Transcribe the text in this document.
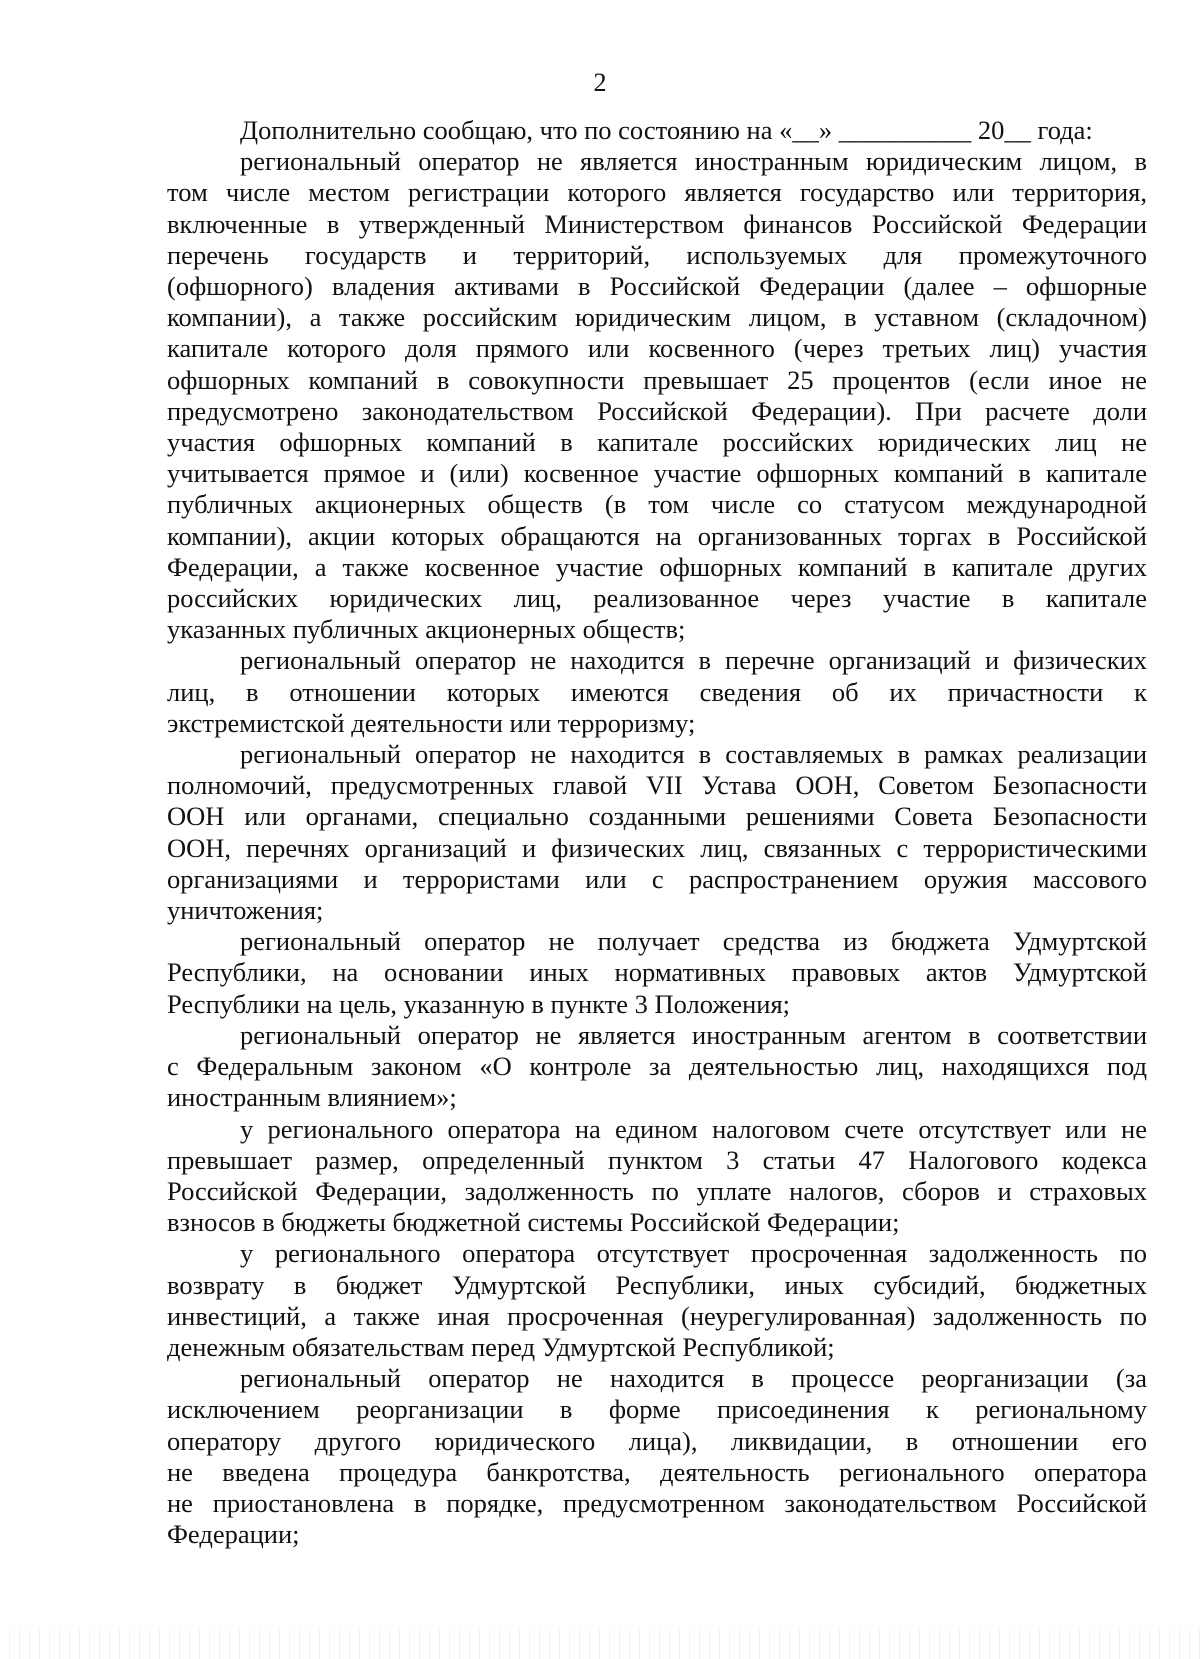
2
Дополнительно сообщаю, что по состоянию на «__» __________ 20__ года:
региональный оператор не является иностранным юридическим лицом, в
том числе местом регистрации которого является государство или территория,
включенные в утвержденный Министерством финансов Российской Федерации
перечень государств и территорий, используемых для промежуточного
(офшорного) владения активами в Российской Федерации (далее – офшорные
компании), а также российским юридическим лицом, в уставном (складочном)
капитале которого доля прямого или косвенного (через третьих лиц) участия
офшорных компаний в совокупности превышает 25 процентов (если иное не
предусмотрено законодательством Российской Федерации). При расчете доли
участия офшорных компаний в капитале российских юридических лиц не
учитывается прямое и (или) косвенное участие офшорных компаний в капитале
публичных акционерных обществ (в том числе со статусом международной
компании), акции которых обращаются на организованных торгах в Российской
Федерации, а также косвенное участие офшорных компаний в капитале других
российских юридических лиц, реализованное через участие в капитале
указанных публичных акционерных обществ;
региональный оператор не находится в перечне организаций и физических
лиц, в отношении которых имеются сведения об их причастности к
экстремистской деятельности или терроризму;
региональный оператор не находится в составляемых в рамках реализации
полномочий, предусмотренных главой VII Устава ООН, Советом Безопасности
ООН или органами, специально созданными решениями Совета Безопасности
ООН, перечнях организаций и физических лиц, связанных с террористическими
организациями и террористами или с распространением оружия массового
уничтожения;
региональный оператор не получает средства из бюджета Удмуртской
Республики, на основании иных нормативных правовых актов Удмуртской
Республики на цель, указанную в пункте 3 Положения;
региональный оператор не является иностранным агентом в соответствии
с Федеральным законом «О контроле за деятельностью лиц, находящихся под
иностранным влиянием»;
у регионального оператора на едином налоговом счете отсутствует или не
превышает размер, определенный пунктом 3 статьи 47 Налогового кодекса
Российской Федерации, задолженность по уплате налогов, сборов и страховых
взносов в бюджеты бюджетной системы Российской Федерации;
у регионального оператора отсутствует просроченная задолженность по
возврату в бюджет Удмуртской Республики, иных субсидий, бюджетных
инвестиций, а также иная просроченная (неурегулированная) задолженность по
денежным обязательствам перед Удмуртской Республикой;
региональный оператор не находится в процессе реорганизации (за
исключением реорганизации в форме присоединения к региональному
оператору другого юридического лица), ликвидации, в отношении его
не введена процедура банкротства, деятельность регионального оператора
не приостановлена в порядке, предусмотренном законодательством Российской
Федерации;
